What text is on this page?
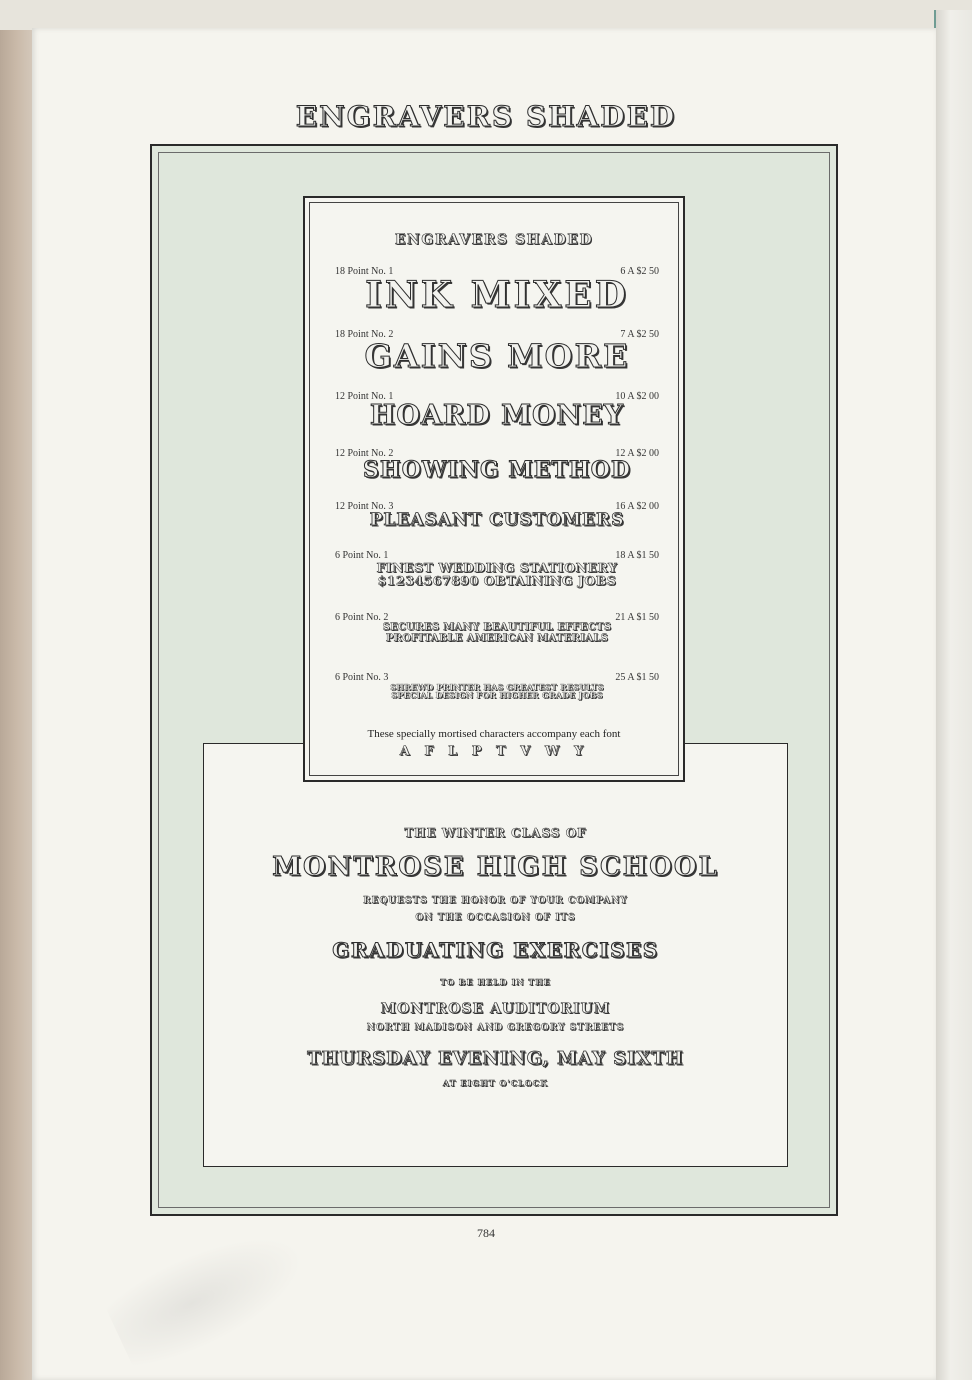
ENGRAVERS SHADED
THE WINTER CLASS OF
MONTROSE HIGH SCHOOL
REQUESTS THE HONOR OF YOUR COMPANY
ON THE OCCASION OF ITS
GRADUATING EXERCISES
TO BE HELD IN THE
MONTROSE AUDITORIUM
NORTH MADISON AND GREGORY STREETS
THURSDAY EVENING, MAY SIXTH
AT EIGHT O'CLOCK
ENGRAVERS SHADED
18 Point No. 1	6 A $2 50
INK MIXED
18 Point No. 2	7 A $2 50
GAINS MORE
12 Point No. 1	10 A $2 00
HOARD MONEY
12 Point No. 2	12 A $2 00
SHOWING METHOD
12 Point No. 3	16 A $2 00
PLEASANT CUSTOMERS
6 Point No. 1	18 A $1 50
FINEST WEDDING STATIONERY
$1234567890 OBTAINING JOBS
6 Point No. 2	21 A $1 50
SECURES MANY BEAUTIFUL EFFECTS
PROFITABLE AMERICAN MATERIALS
6 Point No. 3	25 A $1 50
SHREWD PRINTER HAS GREATEST RESULTS
SPECIAL DESIGN FOR HIGHER GRADE JOBS
These specially mortised characters accompany each font
A F L P T V W Y
784
